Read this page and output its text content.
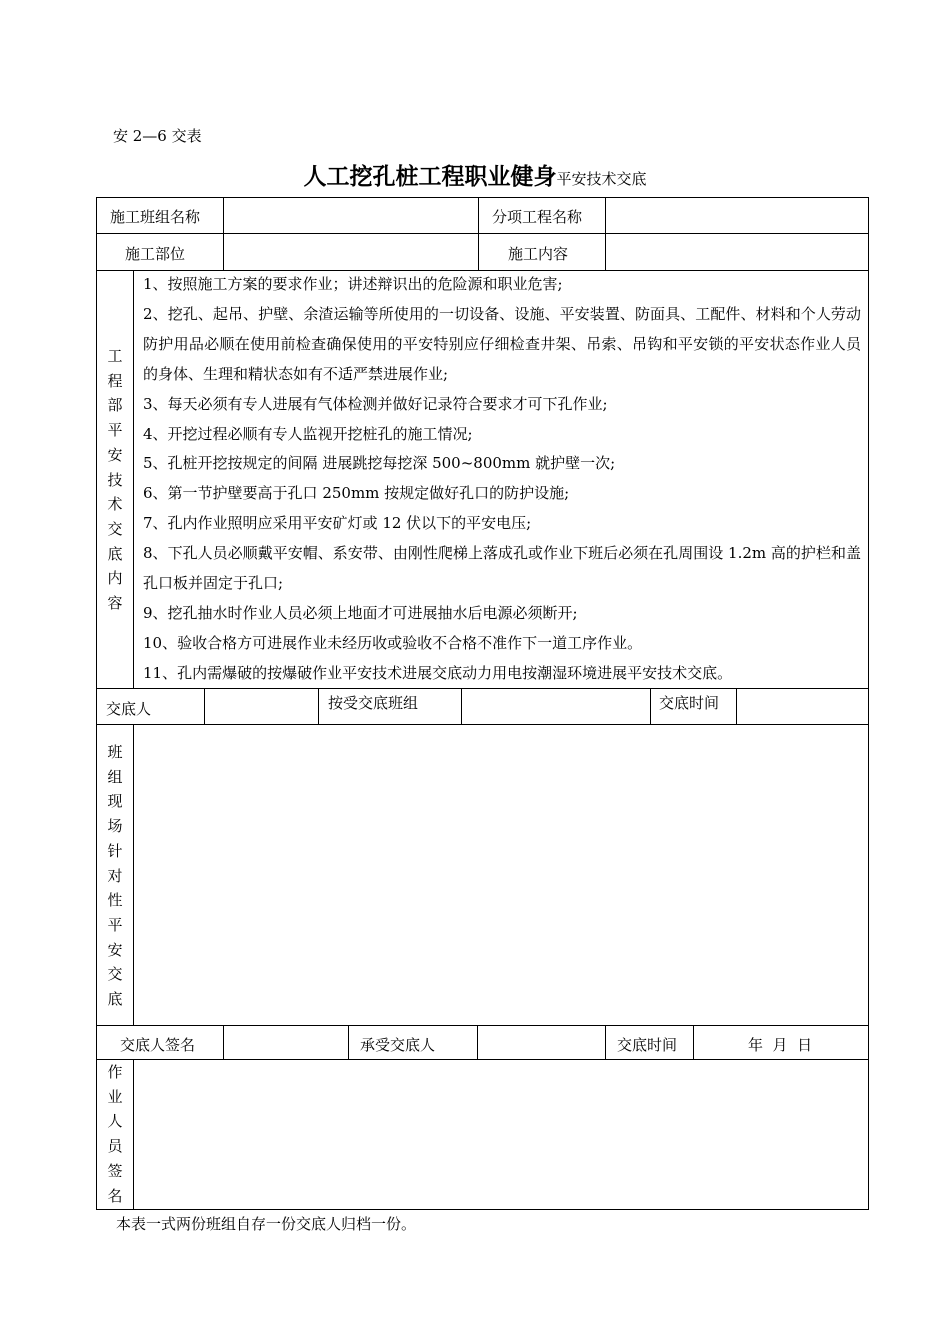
安 2—6 交表
人工挖孔桩工程职业健身平安技术交底
施工班组名称	分项工程名称
施工部位	施工内容
工
程
部
平
安
技
术
交
底
内
容

1、按照施工方案的要求作业；讲述辩识出的危险源和职业危害;

2、挖孔、起吊、护壁、余渣运输等所使用的一切设备、设施、平安装置、防面具、工配件、材料和个人劳动防护用品必顺在使用前检查确保使用的平安特别应仔细检查井架、吊索、吊钩和平安锁的平安状态作业人员的身体、生理和精状态如有不适严禁进展作业;

3、每天必须有专人进展有气体检测并做好记录符合要求才可下孔作业;

4、开挖过程必顺有专人监视开挖桩孔的施工情况;

5、孔桩开挖按规定的间隔 进展跳挖每挖深 500~800mm 就护壁一次;

6、第一节护壁要高于孔口 250mm 按规定做好孔口的防护设施;

7、孔内作业照明应采用平安矿灯或 12 伏以下的平安电压;

8、下孔人员必顺戴平安帽、系安带、由刚性爬梯上落成孔或作业下班后必须在孔周围设 1.2m 高的护栏和盖孔口板并固定于孔口;

9、挖孔抽水时作业人员必须上地面才可进展抽水后电源必须断开;

10、验收合格方可进展作业未经历收或验收不合格不准作下一道工序作业。

11、孔内需爆破的按爆破作业平安技术进展交底动力用电按潮湿环境进展平安技术交底。

交底人	按受交底班组	交底时间
班
组
现
场
针
对
性
平
安
交
底
交底人签名	承受交底人	交底时间	年  月  日
作
业
人
员
签
名
本表一式两份班组自存一份交底人归档一份。
